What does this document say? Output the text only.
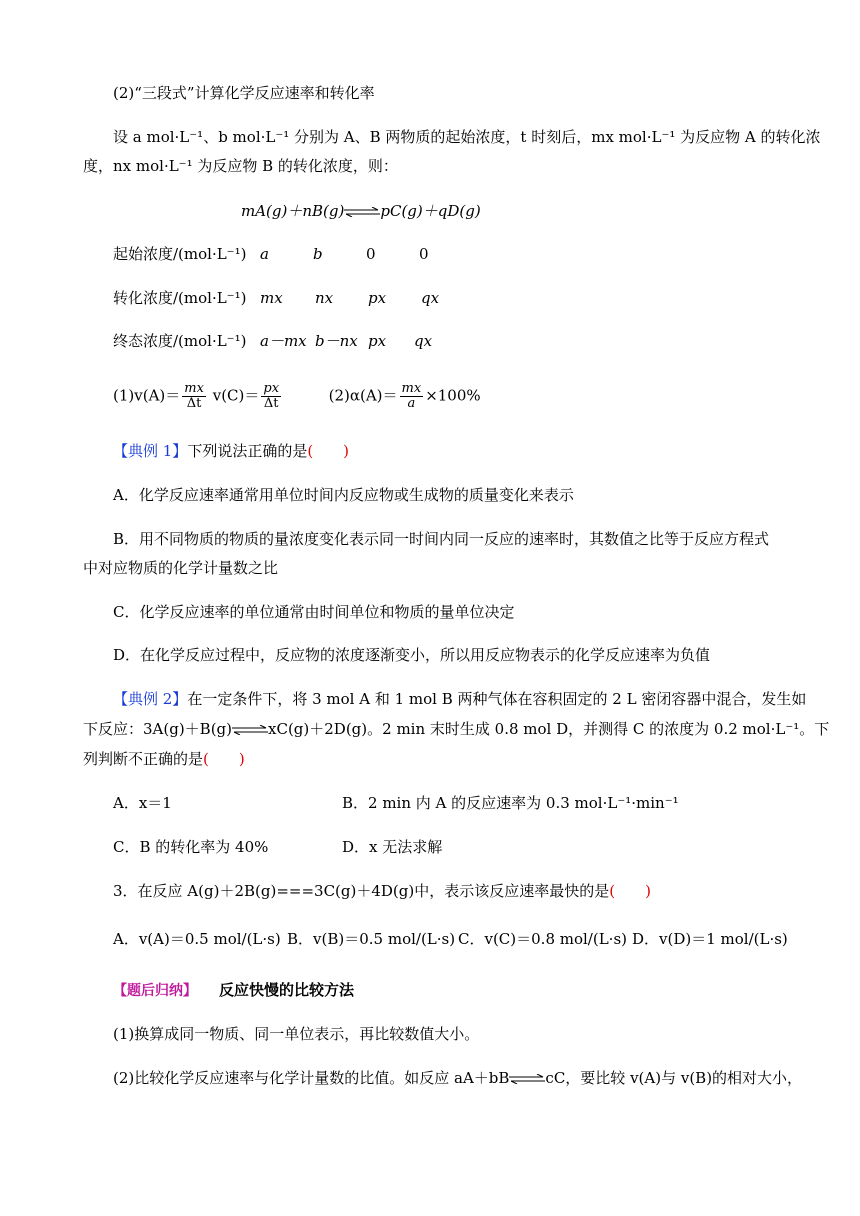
(2)“三段式”计算化学反应速率和转化率
设 a mol·L⁻¹、b mol·L⁻¹ 分别为 A、B 两物质的起始浓度，t 时刻后，mx mol·L⁻¹ 为反应物 A 的转化浓
度，nx mol·L⁻¹ 为反应物 B 的转化浓度，则：
mA(g)＋nB(g)⇌pC(g)＋qD(g)
起始浓度/(mol·L⁻¹) a	b	0	0
转化浓度/(mol·L⁻¹) mx nx px qx
终态浓度/(mol·L⁻¹) a－mx b－nx px qx
$(1)v(A)= \frac{mx}{\Delta t} v(C)= \frac{px}{\Delta t}$	$(2)\alpha(A)= \frac{mx}{a} \times 100\%$
【典例 1】下列说法正确的是(　　)
A．化学反应速率通常用单位时间内反应物或生成物的质量变化来表示
B．用不同物质的物质的量浓度变化表示同一时间内同一反应的速率时，其数值之比等于反应方程式
中对应物质的化学计量数之比
C．化学反应速率的单位通常由时间单位和物质的量单位决定
D．在化学反应过程中，反应物的浓度逐渐变小，所以用反应物表示的化学反应速率为负值
【典例 2】在一定条件下，将 3 mol A 和 1 mol B 两种气体在容积固定的 2 L 密闭容器中混合，发生如
下反应：3A(g)＋B(g)⇌xC(g)＋2D(g)。2 min 末时生成 0.8 mol D，并测得 C 的浓度为 0.2 mol·L⁻¹。下
列判断不正确的是(　　)
A．x＝1	B．2 min 内 A 的反应速率为 0.3 mol·L⁻¹·min⁻¹
C．B 的转化率为 40%	D．x 无法求解
3．在反应 A(g)＋2B(g)===3C(g)＋4D(g)中，表示该反应速率最快的是(　　)
A．v(A)＝0.5 mol/(L·s) B．v(B)＝0.5 mol/(L·s) C．v(C)＝0.8 mol/(L·s) D．v(D)＝1 mol/(L·s)
【题后归纳】 反应快慢的比较方法
(1)换算成同一物质、同一单位表示，再比较数值大小。
(2)比较化学反应速率与化学计量数的比值。如反应 aA＋bB⇌cC，要比较 v(A)与 v(B)的相对大小，
